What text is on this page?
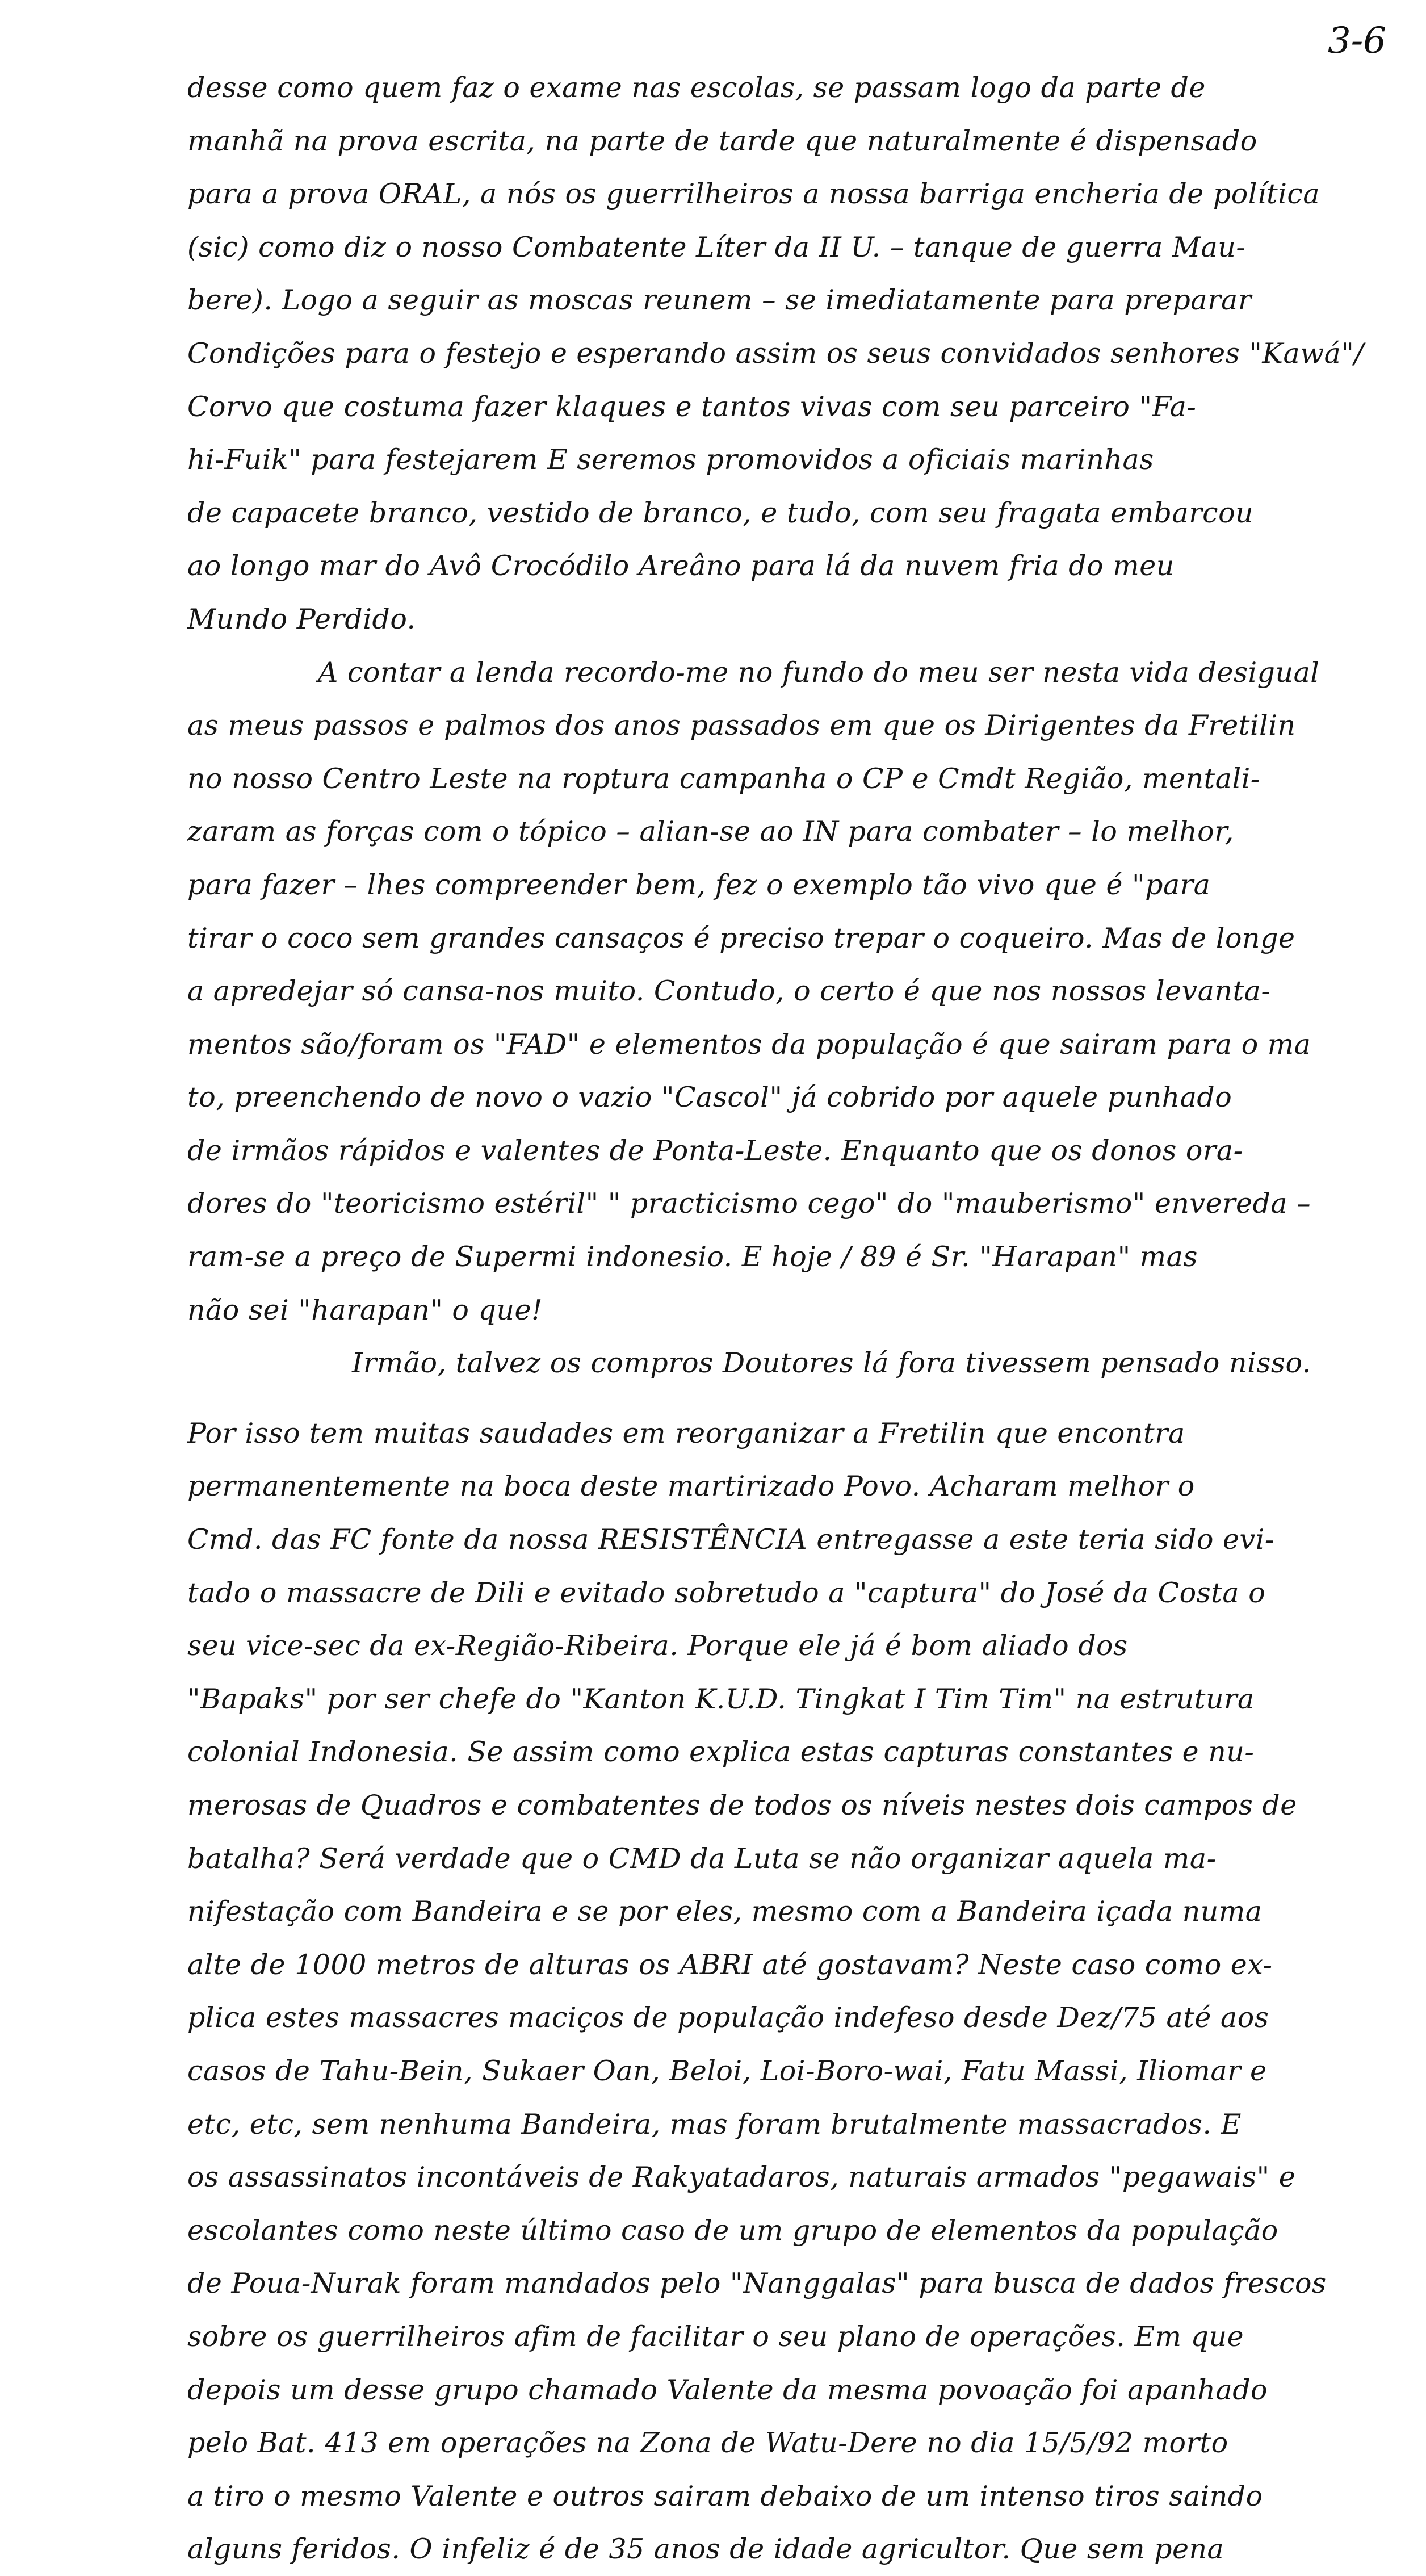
3-6
desse como quem faz o exame nas escolas, se passam logo da parte de
manhã na prova escrita, na parte de tarde que naturalmente é dispensado
para a prova ORAL, a nós os guerrilheiros a nossa barriga encheria de política
(sic) como diz o nosso Combatente Líter da II U. – tanque de guerra Mau-
bere). Logo a seguir as moscas reunem – se imediatamente para preparar
Condições para o festejo e esperando assim os seus convidados senhores "Kawá"/
Corvo que costuma fazer klaques e tantos vivas com seu parceiro "Fa-
hi-Fuik" para festejarem E seremos promovidos a oficiais marinhas
de capacete branco, vestido de branco, e tudo, com seu fragata embarcou
ao longo mar do Avô Crocódilo Areâno para lá da nuvem fria do meu
Mundo Perdido.
A contar a lenda recordo-me no fundo do meu ser nesta vida desigual
as meus passos e palmos dos anos passados em que os Dirigentes da Fretilin
no nosso Centro Leste na roptura campanha o CP e Cmdt Região, mentali-
zaram as forças com o tópico – alian-se ao IN para combater – lo melhor,
para fazer – lhes compreender bem, fez o exemplo tão vivo que é "para
tirar o coco sem grandes cansaços é preciso trepar o coqueiro. Mas de longe
a apredejar só cansa-nos muito. Contudo, o certo é que nos nossos levanta-
mentos são/foram os "FAD" e elementos da população é que sairam para o ma
to, preenchendo de novo o vazio "Cascol" já cobrido por aquele punhado
de irmãos rápidos e valentes de Ponta-Leste. Enquanto que os donos ora-
dores do "teoricismo estéril" " practicismo cego" do "mauberismo" envereda –
ram-se a preço de Supermi indonesio. E hoje / 89 é Sr. "Harapan" mas
não sei "harapan" o que!
Irmão, talvez os compros Doutores lá fora tivessem pensado nisso.
Por isso tem muitas saudades em reorganizar a Fretilin que encontra
permanentemente na boca deste martirizado Povo. Acharam melhor o
Cmd. das FC fonte da nossa RESISTÊNCIA entregasse a este teria sido evi-
tado o massacre de Dili e evitado sobretudo a "captura" do José da Costa o
seu vice-sec da ex-Região-Ribeira. Porque ele já é bom aliado dos
"Bapaks" por ser chefe do "Kanton K.U.D. Tingkat I Tim Tim" na estrutura
colonial Indonesia. Se assim como explica estas capturas constantes e nu-
merosas de Quadros e combatentes de todos os níveis nestes dois campos de
batalha? Será verdade que o CMD da Luta se não organizar aquela ma-
nifestação com Bandeira e se por eles, mesmo com a Bandeira içada numa
alte de 1000 metros de alturas os ABRI até gostavam? Neste caso como ex-
plica estes massacres maciços de população indefeso desde Dez/75 até aos
casos de Tahu-Bein, Sukaer Oan, Beloi, Loi-Boro-wai, Fatu Massi, Iliomar e
etc, etc, sem nenhuma Bandeira, mas foram brutalmente massacrados. E
os assassinatos incontáveis de Rakyatadaros, naturais armados "pegawais" e
escolantes como neste último caso de um grupo de elementos da população
de Poua-Nurak foram mandados pelo "Nanggalas" para busca de dados frescos
sobre os guerrilheiros afim de facilitar o seu plano de operações. Em que
depois um desse grupo chamado Valente da mesma povoação foi apanhado
pelo Bat. 413 em operações na Zona de Watu-Dere no dia 15/5/92 morto
a tiro o mesmo Valente e outros sairam debaixo de um intenso tiros saindo
alguns feridos. O infeliz é de 35 anos de idade agricultor. Que sem pena
